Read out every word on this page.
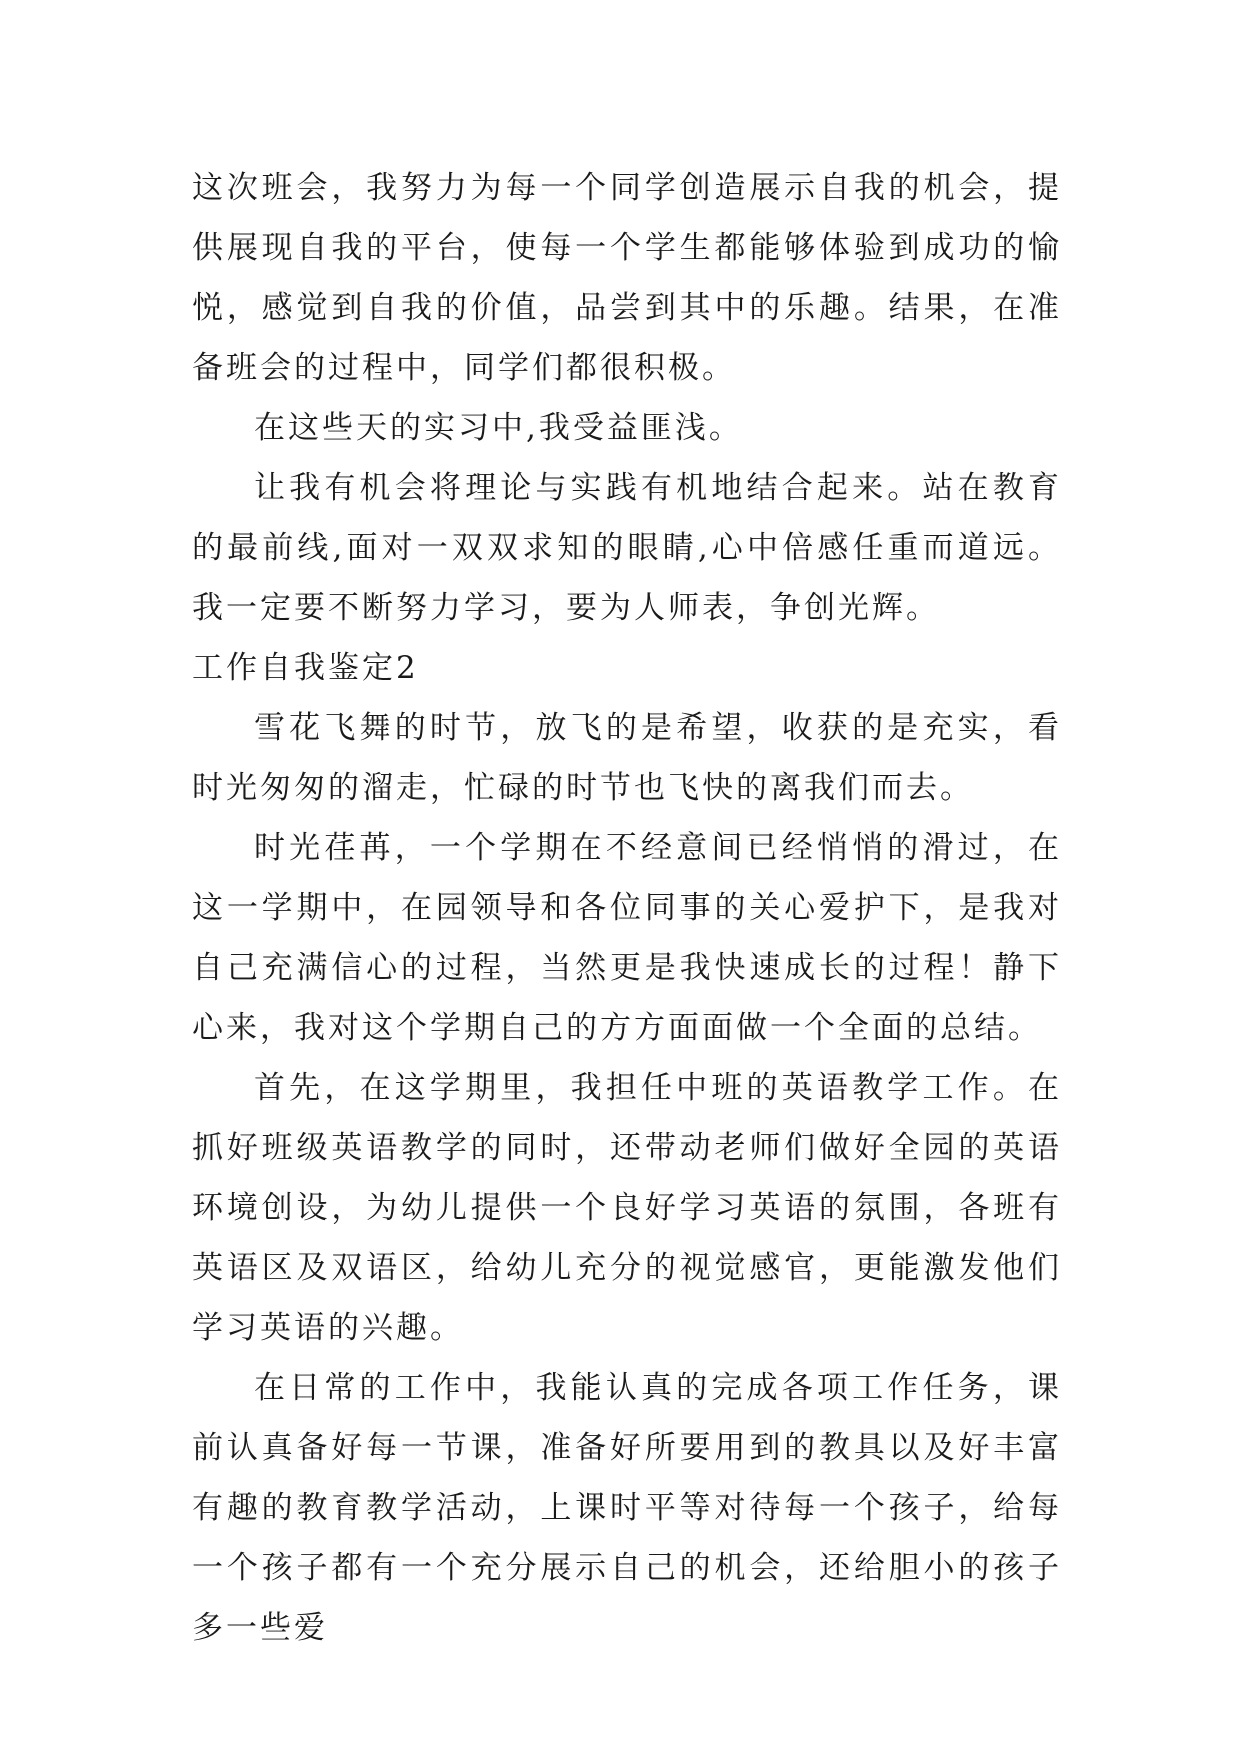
这次班会，我努力为每一个同学创造展示自我的机会，提供展现自我的平台，使每一个学生都能够体验到成功的愉悦，感觉到自我的价值，品尝到其中的乐趣。结果，在准备班会的过程中，同学们都很积极。

在这些天的实习中,我受益匪浅。

让我有机会将理论与实践有机地结合起来。站在教育的最前线,面对一双双求知的眼睛,心中倍感任重而道远。我一定要不断努力学习，要为人师表，争创光辉。

工作自我鉴定2

雪花飞舞的时节，放飞的是希望，收获的是充实，看时光匆匆的溜走，忙碌的时节也飞快的离我们而去。

时光荏苒，一个学期在不经意间已经悄悄的滑过，在这一学期中，在园领导和各位同事的关心爱护下，是我对自己充满信心的过程，当然更是我快速成长的过程！静下心来，我对这个学期自己的方方面面做一个全面的总结。

首先，在这学期里，我担任中班的英语教学工作。在抓好班级英语教学的同时，还带动老师们做好全园的英语环境创设，为幼儿提供一个良好学习英语的氛围，各班有英语区及双语区，给幼儿充分的视觉感官，更能激发他们学习英语的兴趣。

在日常的工作中，我能认真的完成各项工作任务，课前认真备好每一节课，准备好所要用到的教具以及好丰富有趣的教育教学活动，上课时平等对待每一个孩子，给每一个孩子都有一个充分展示自己的机会，还给胆小的孩子多一些爱
